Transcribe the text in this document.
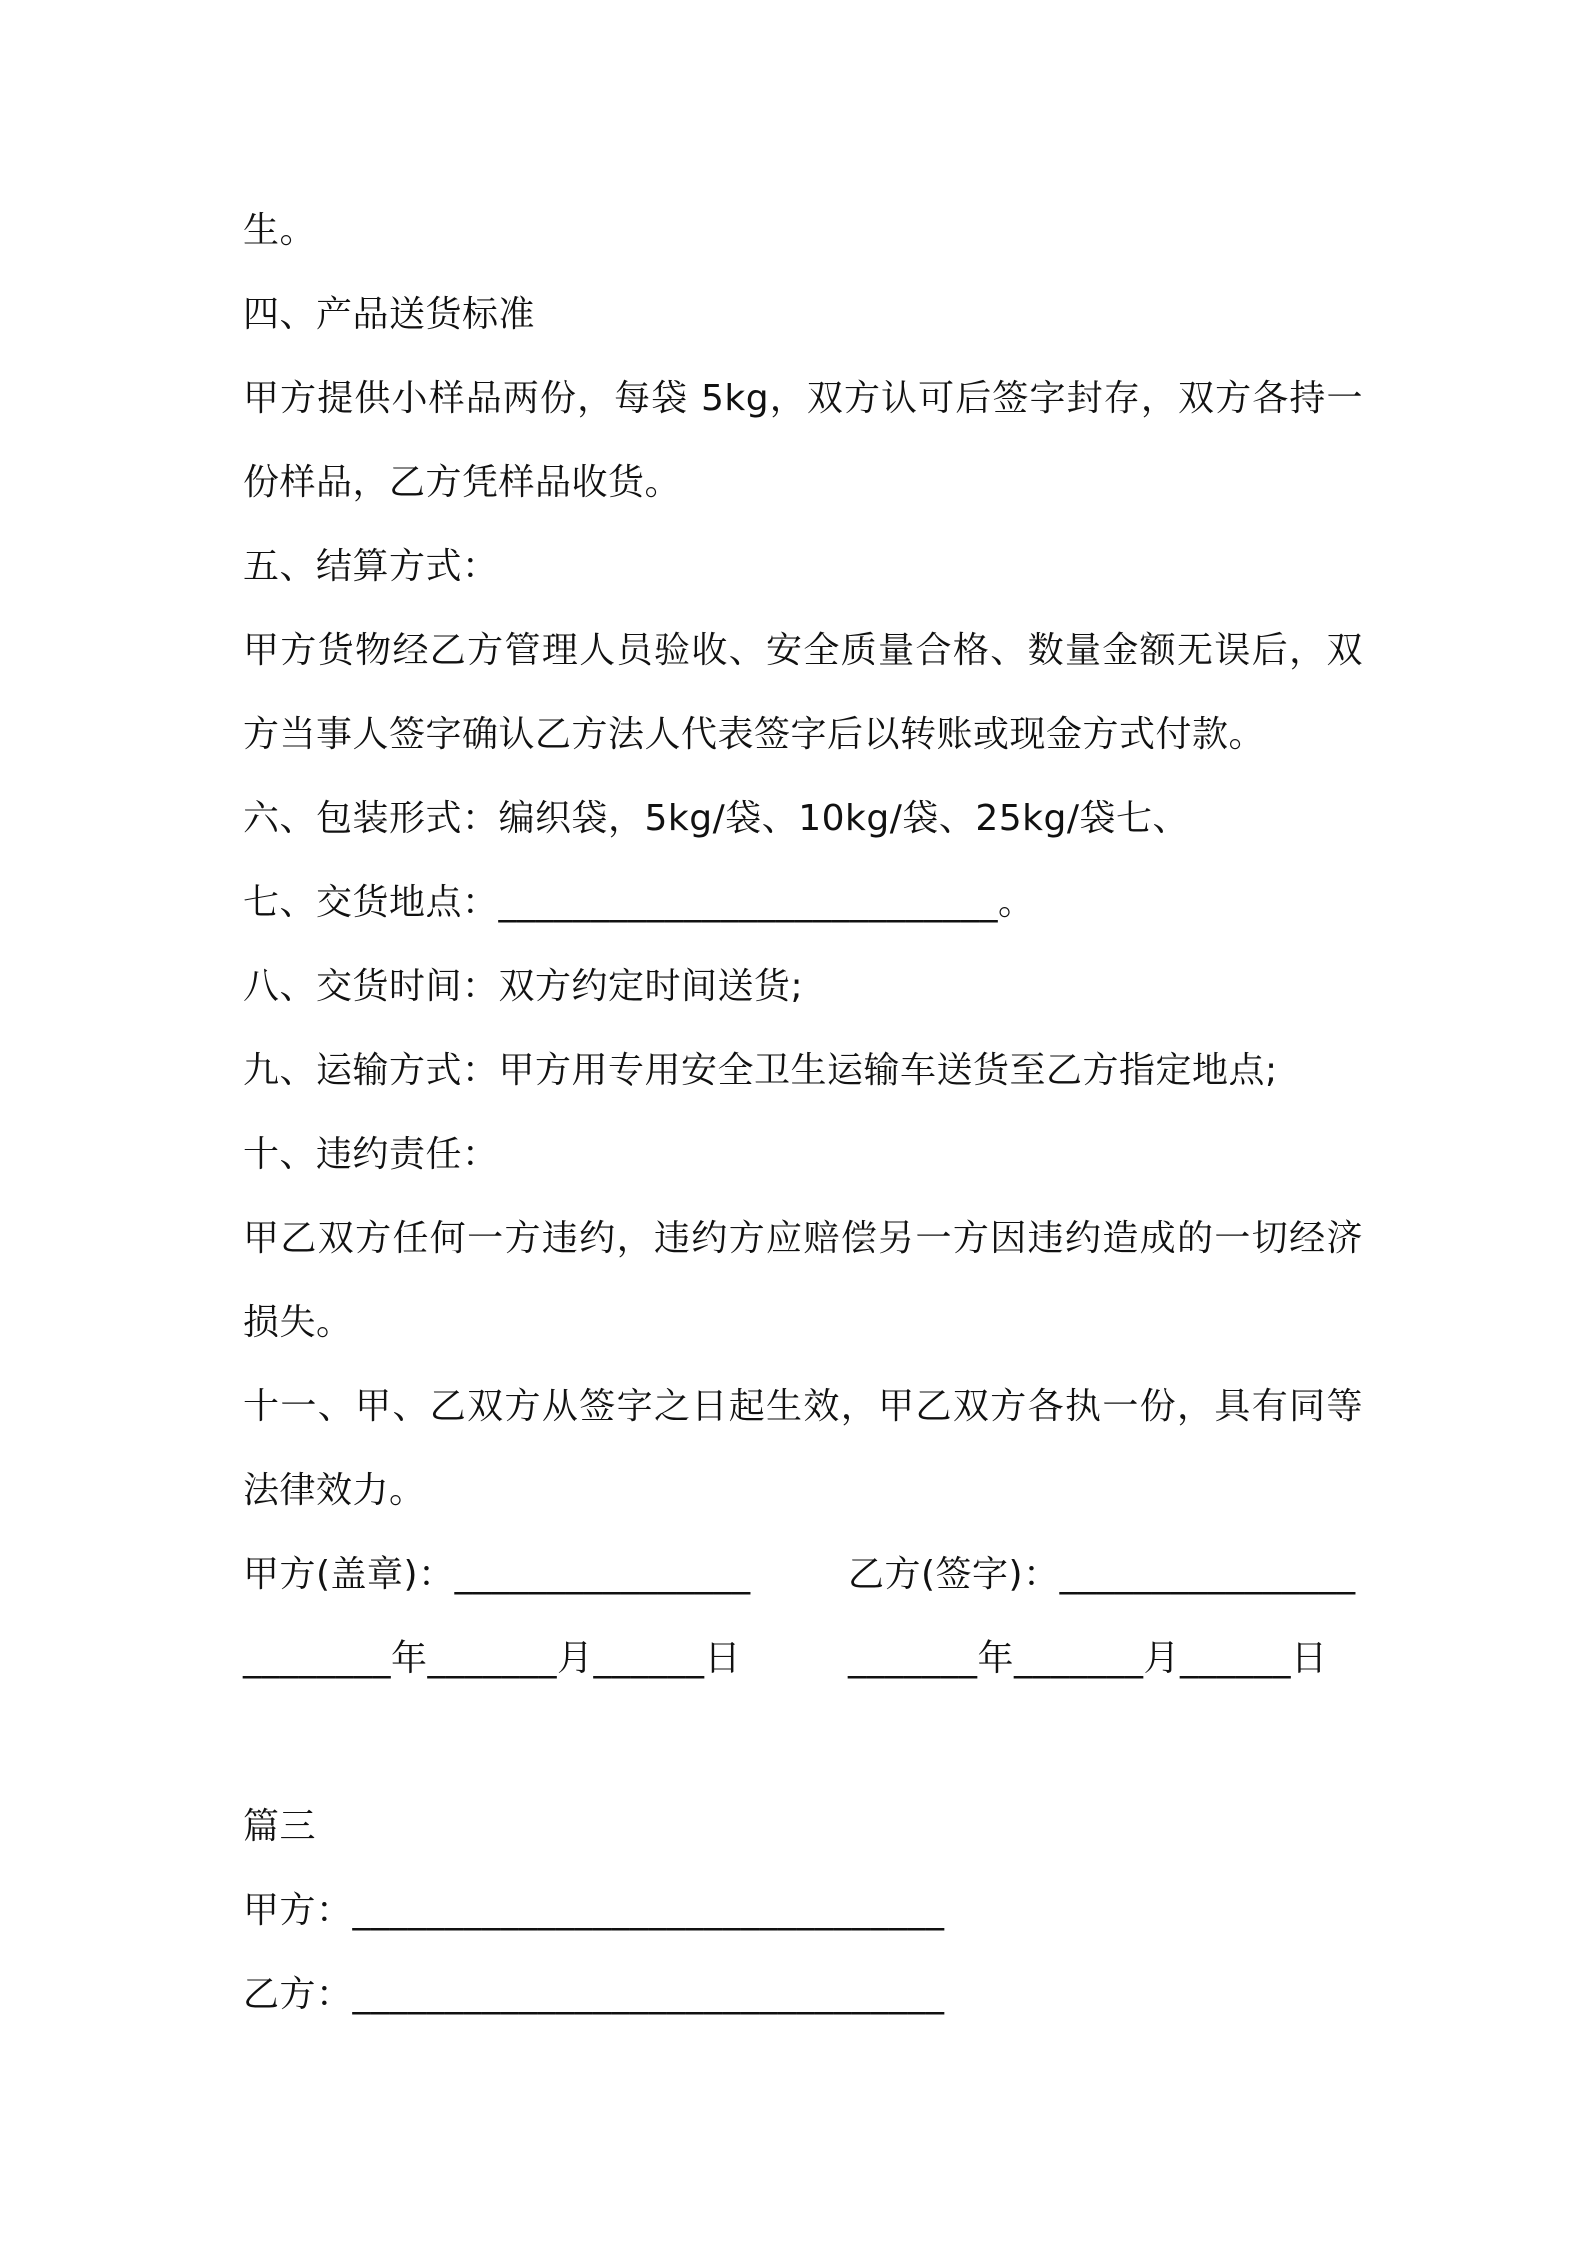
生。
四、产品送货标准
甲方提供小样品两份，每袋 5kg，双方认可后签字封存，双方各持一
份样品，乙方凭样品收货。
五、结算方式：
甲方货物经乙方管理人员验收、安全质量合格、数量金额无误后，双
方当事人签字确认乙方法人代表签字后以转账或现金方式付款。
六、包装形式：编织袋，5kg/袋、10kg/袋、25kg/袋七、
七、交货地点：___________________________。
八、交货时间：双方约定时间送货;
九、运输方式：甲方用专用安全卫生运输车送货至乙方指定地点;
十、违约责任：
甲乙双方任何一方违约，违约方应赔偿另一方因违约造成的一切经济
损失。
十一、甲、乙双方从签字之日起生效，甲乙双方各执一份，具有同等
法律效力。
甲方(盖章)：________________	乙方(签字)：________________
________年_______月______日	_______年_______月______日
篇三
甲方：________________________________
乙方：________________________________
